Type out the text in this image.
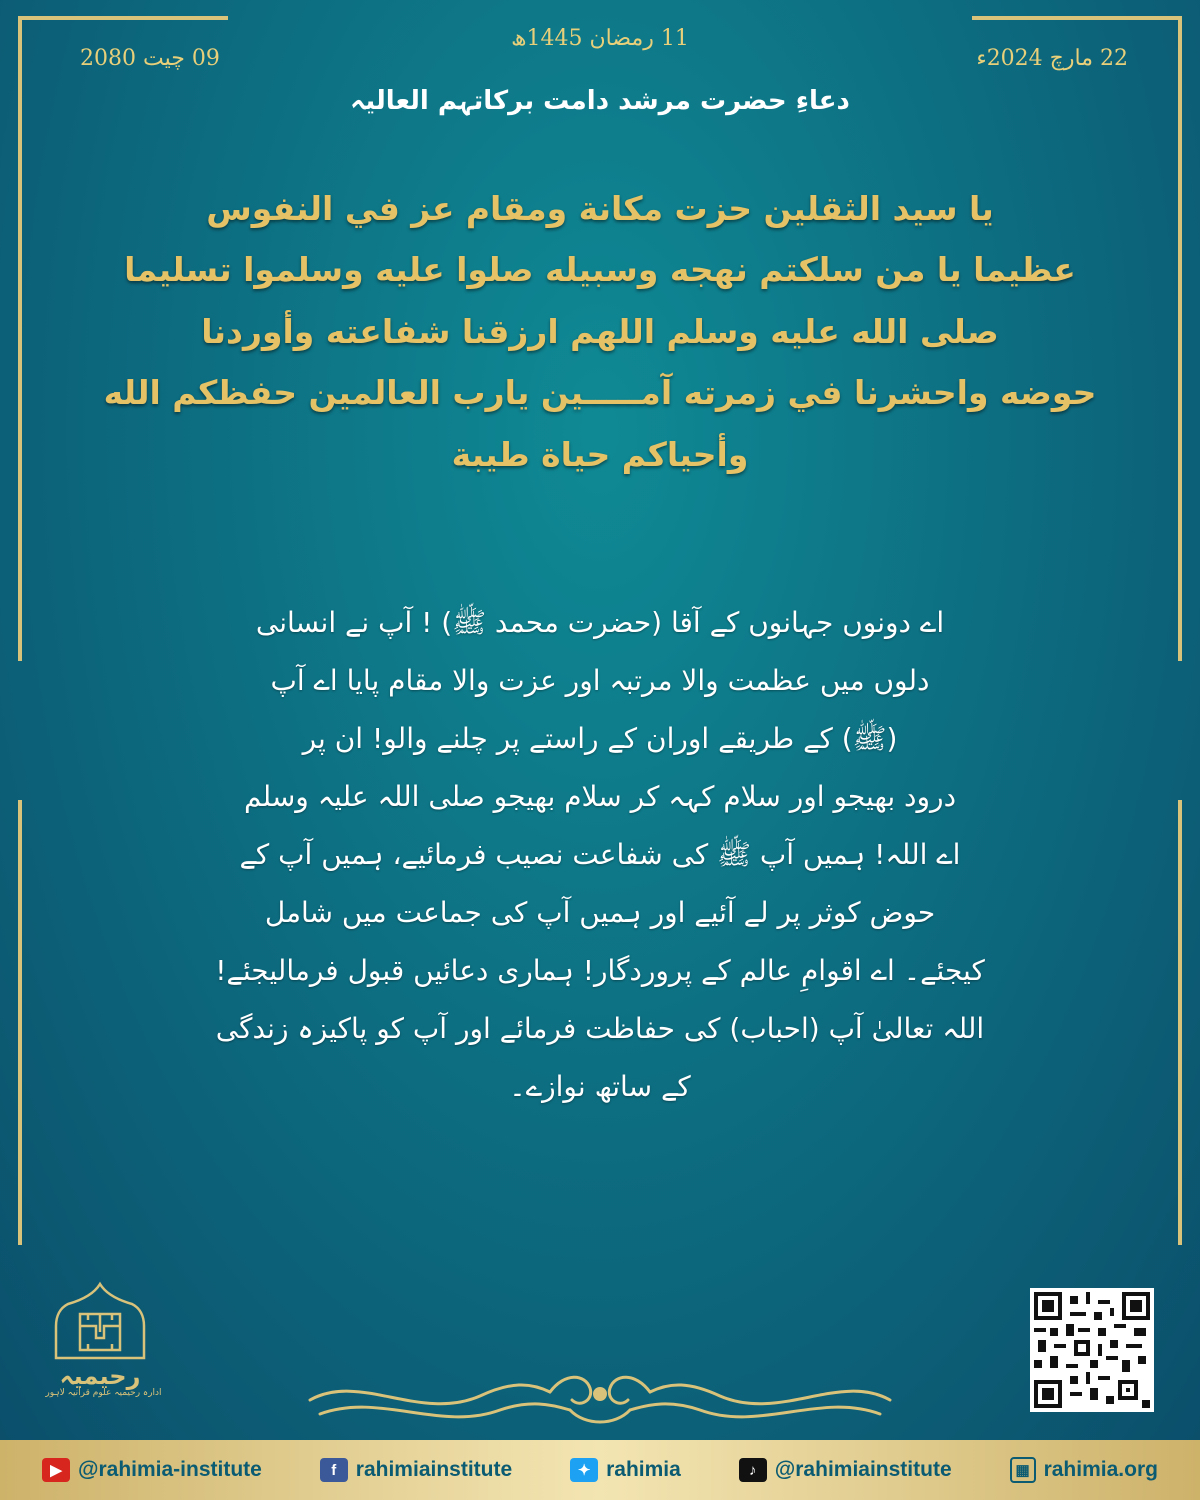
11 رمضان 1445ھ
09 چیت 2080	22 مارچ 2024ء
دعاءِ حضرت مرشد دامت برکاتہم العالیہ
يا سيد الثقلين حزت مكانة ومقام عز في النفوس
عظيما يا من سلكتم نهجه وسبيله صلوا عليه وسلموا تسليما
صلى الله عليه وسلم اللهم ارزقنا شفاعته وأوردنا
حوضه واحشرنا في زمرته آمـــــين يارب العالمين حفظكم الله
وأحياكم حياة طيبة
اے دونوں جہانوں کے آقا (حضرت محمد ﷺ) ! آپ نے انسانی
دلوں میں عظمت والا مرتبہ اور عزت والا مقام پایا اے آپ
(ﷺ) کے طریقے اوران کے راستے پر چلنے والو! ان پر
درود بھیجو اور سلام کہہ کر سلام بھیجو صلی اللہ علیہ وسلم
اے اللہ! ہمیں آپ ﷺ کی شفاعت نصیب فرمائیے، ہمیں آپ کے
حوض کوثر پر لے آئیے اور ہمیں آپ کی جماعت میں شامل
کیجئے۔ اے اقوامِ عالم کے پروردگار! ہماری دعائیں قبول فرمالیجئے!
اللہ تعالیٰ آپ (احباب) کی حفاظت فرمائے اور آپ کو پاکیزہ زندگی
کے ساتھ نوازے۔
رحیمیہ
ادارہ رحیمیہ علوم قرآنیہ لاہور
▶ @rahimia-institute	f rahimiainstitute	✦ rahimia	♪ @rahimiainstitute	▦ rahimia.org
